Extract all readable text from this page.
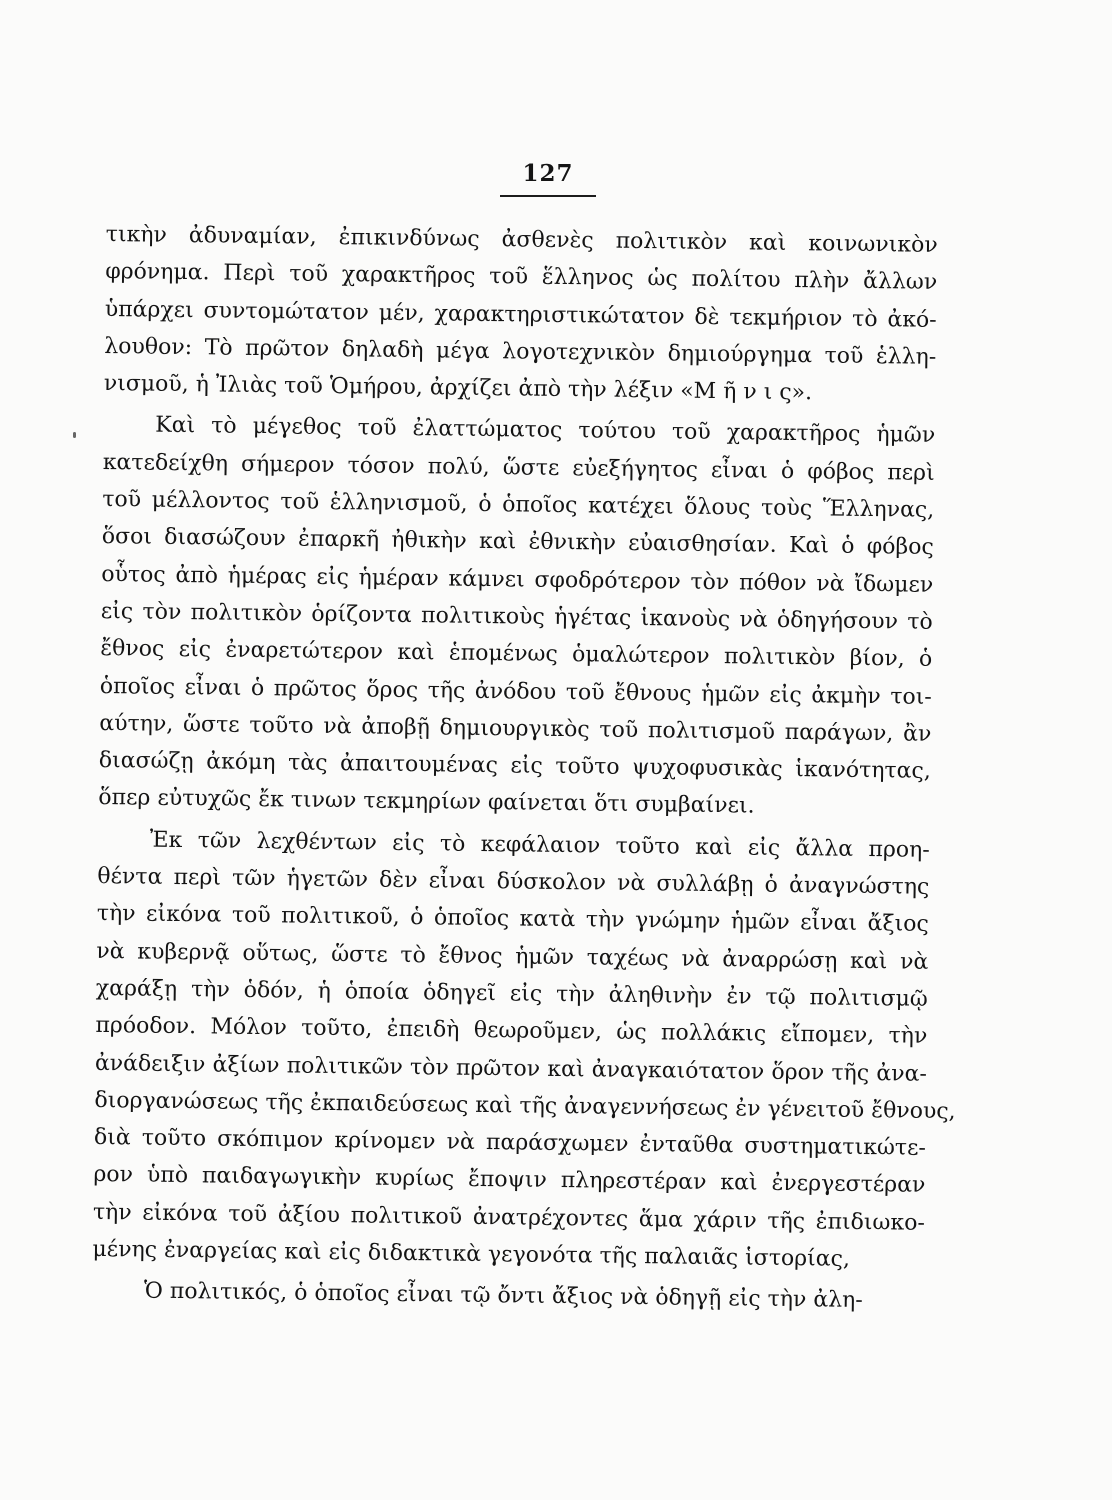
127
τικὴν ἀδυναμίαν, ἐπικινδύνως ἀσθενὲς πολιτικὸν καὶ κοινωνικὸν
φρόνημα. Περὶ τοῦ χαρακτῆρος τοῦ ἕλληνος ὡς πολίτου πλὴν ἄλλων
ὑπάρχει συντομώτατον μέν, χαρακτηριστικώτατον δὲ τεκμήριον τὸ ἀκό-
λουθον: Τὸ πρῶτον δηλαδὴ μέγα λογοτεχνικὸν δημιούργημα τοῦ ἑλλη-
νισμοῦ, ἡ Ἰλιὰς τοῦ Ὁμήρου, ἀρχίζει ἀπὸ τὴν λέξιν «Μ ῆ ν ι ς».
Καὶ τὸ μέγεθος τοῦ ἐλαττώματος τούτου τοῦ χαρακτῆρος ἡμῶν
κατεδείχθη σήμερον τόσον πολύ, ὥστε εὐεξήγητος εἶναι ὁ φόβος περὶ
τοῦ μέλλοντος τοῦ ἑλληνισμοῦ, ὁ ὁποῖος κατέχει ὅλους τοὺς Ἕλληνας,
ὅσοι διασώζουν ἐπαρκῆ ἠθικὴν καὶ ἐθνικὴν εὐαισθησίαν. Καὶ ὁ φόβος
οὗτος ἀπὸ ἡμέρας εἰς ἡμέραν κάμνει σφοδρότερον τὸν πόθον νὰ ἴδωμεν
εἰς τὸν πολιτικὸν ὁρίζοντα πολιτικοὺς ἡγέτας ἱκανοὺς νὰ ὁδηγήσουν τὸ
ἔθνος εἰς ἐναρετώτερον καὶ ἑπομένως ὁμαλώτερον πολιτικὸν βίον, ὁ
ὁποῖος εἶναι ὁ πρῶτος ὅρος τῆς ἀνόδου τοῦ ἔθνους ἡμῶν εἰς ἀκμὴν τοι-
αύτην, ὥστε τοῦτο νὰ ἀποβῇ δημιουργικὸς τοῦ πολιτισμοῦ παράγων, ἂν
διασώζῃ ἀκόμη τὰς ἀπαιτουμένας εἰς τοῦτο ψυχοφυσικὰς ἱκανότητας,
ὅπερ εὐτυχῶς ἔκ τινων τεκμηρίων φαίνεται ὅτι συμβαίνει.
Ἐκ τῶν λεχθέντων εἰς τὸ κεφάλαιον τοῦτο καὶ εἰς ἄλλα προη-
θέντα περὶ τῶν ἡγετῶν δὲν εἶναι δύσκολον νὰ συλλάβῃ ὁ ἀναγνώστης
τὴν εἰκόνα τοῦ πολιτικοῦ, ὁ ὁποῖος κατὰ τὴν γνώμην ἡμῶν εἶναι ἄξιος
νὰ κυβερνᾷ οὕτως, ὥστε τὸ ἔθνος ἡμῶν ταχέως νὰ ἀναρρώσῃ καὶ νὰ
χαράξῃ τὴν ὁδόν, ἡ ὁποία ὁδηγεῖ εἰς τὴν ἀληθινὴν ἐν τῷ πολιτισμῷ
πρόοδον. Μόλον τοῦτο, ἐπειδὴ θεωροῦμεν, ὡς πολλάκις εἴπομεν, τὴν
ἀνάδειξιν ἀξίων πολιτικῶν τὸν πρῶτον καὶ ἀναγκαιότατον ὅρον τῆς ἀνα-
διοργανώσεως τῆς ἐκπαιδεύσεως καὶ τῆς ἀναγεννήσεως ἐν γένειτοῦ ἔθνους,
διὰ τοῦτο σκόπιμον κρίνομεν νὰ παράσχωμεν ἐνταῦθα συστηματικώτε-
ρον ὑπὸ παιδαγωγικὴν κυρίως ἔποψιν πληρεστέραν καὶ ἐνεργεστέραν
τὴν εἰκόνα τοῦ ἀξίου πολιτικοῦ ἀνατρέχοντες ἅμα χάριν τῆς ἐπιδιωκο-
μένης ἐναργείας καὶ εἰς διδακτικὰ γεγονότα τῆς παλαιᾶς ἱστορίας,
Ὁ πολιτικός, ὁ ὁποῖος εἶναι τῷ ὄντι ἄξιος νὰ ὁδηγῇ εἰς τὴν ἀλη-
